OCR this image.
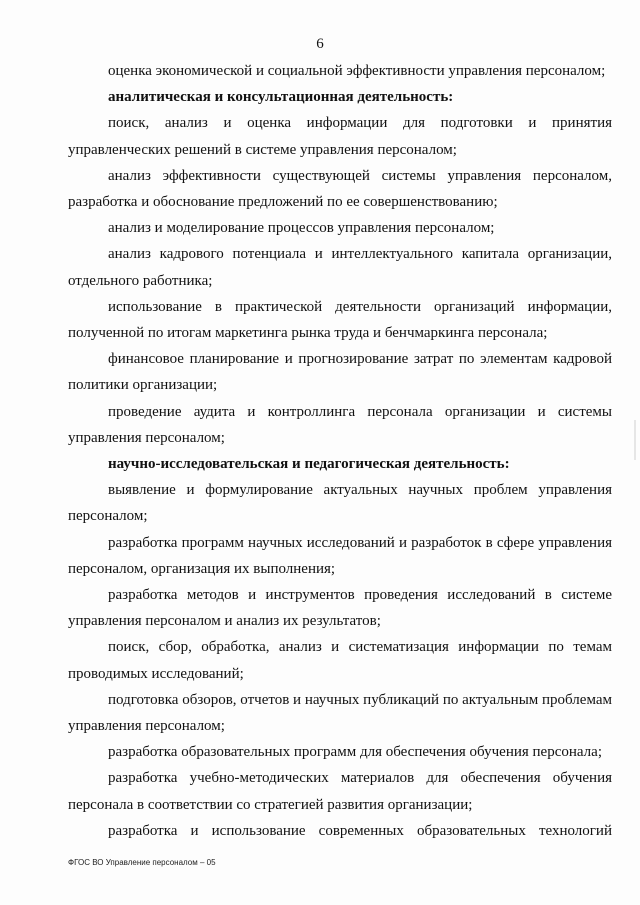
6

оценка экономической и социальной эффективности управления персоналом;

аналитическая и консультационная деятельность:

поиск, анализ и оценка информации для подготовки и принятия управленческих решений в системе управления персоналом;

анализ эффективности существующей системы управления персоналом, разработка и обоснование предложений по ее совершенствованию;

анализ и моделирование процессов управления персоналом;

анализ кадрового потенциала и интеллектуального капитала организации, отдельного работника;

использование в практической деятельности организаций информации, полученной по итогам маркетинга рынка труда и бенчмаркинга персонала;

финансовое планирование и прогнозирование затрат по элементам кадровой политики организации;

проведение аудита и контроллинга персонала организации и системы управления персоналом;

научно-исследовательская и педагогическая деятельность:

выявление и формулирование актуальных научных проблем управления персоналом;

разработка программ научных исследований и разработок в сфере управления персоналом, организация их выполнения;

разработка методов и инструментов проведения исследований в системе управления персоналом и анализ их результатов;

поиск, сбор, обработка, анализ и систематизация информации по темам проводимых исследований;

подготовка обзоров, отчетов и научных публикаций по актуальным проблемам управления персоналом;

разработка образовательных программ для обеспечения обучения персонала;

разработка учебно-методических материалов для обеспечения обучения персонала в соответствии со стратегией развития организации;

разработка и использование современных образовательных технологий

ФГОС ВО Управление персоналом – 05
